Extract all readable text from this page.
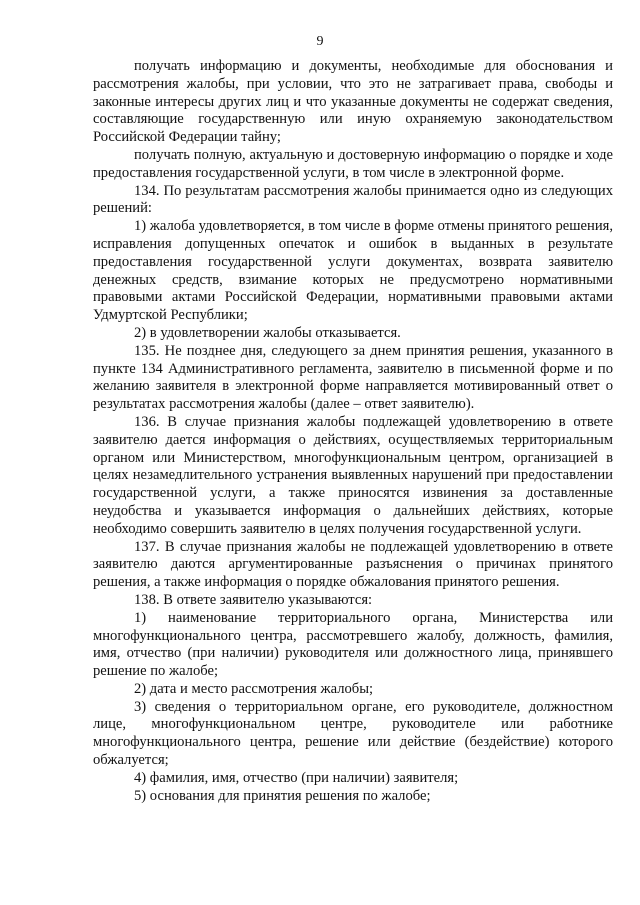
9

получать информацию и документы, необходимые для обоснования и рассмотрения жалобы, при условии, что это не затрагивает права, свободы и законные интересы других лиц и что указанные документы не содержат сведения, составляющие государственную или иную охраняемую законодательством Российской Федерации тайну;

получать полную, актуальную и достоверную информацию о порядке и ходе предоставления государственной услуги, в том числе в электронной форме.

134. По результатам рассмотрения жалобы принимается одно из следующих решений:

1) жалоба удовлетворяется, в том числе в форме отмены принятого решения, исправления допущенных опечаток и ошибок в выданных в результате предоставления государственной услуги документах, возврата заявителю денежных средств, взимание которых не предусмотрено нормативными правовыми актами Российской Федерации, нормативными правовыми актами Удмуртской Республики;

2) в удовлетворении жалобы отказывается.

135. Не позднее дня, следующего за днем принятия решения, указанного в пункте 134 Административного регламента, заявителю в письменной форме и по желанию заявителя в электронной форме направляется мотивированный ответ о результатах рассмотрения жалобы (далее – ответ заявителю).

136. В случае признания жалобы подлежащей удовлетворению в ответе заявителю дается информация о действиях, осуществляемых территориальным органом или Министерством, многофункциональным центром, организацией в целях незамедлительного устранения выявленных нарушений при предоставлении государственной услуги, а также приносятся извинения за доставленные неудобства и указывается информация о дальнейших действиях, которые необходимо совершить заявителю в целях получения государственной услуги.

137. В случае признания жалобы не подлежащей удовлетворению в ответе заявителю даются аргументированные разъяснения о причинах принятого решения, а также информация о порядке обжалования принятого решения.

138. В ответе заявителю указываются:

1) наименование территориального органа, Министерства или многофункционального центра, рассмотревшего жалобу, должность, фамилия, имя, отчество (при наличии) руководителя или должностного лица, принявшего решение по жалобе;

2) дата и место рассмотрения жалобы;

3) сведения о территориальном органе, его руководителе, должностном лице, многофункциональном центре, руководителе или работнике многофункционального центра, решение или действие (бездействие) которого обжалуется;

4) фамилия, имя, отчество (при наличии) заявителя;

5) основания для принятия решения по жалобе;
